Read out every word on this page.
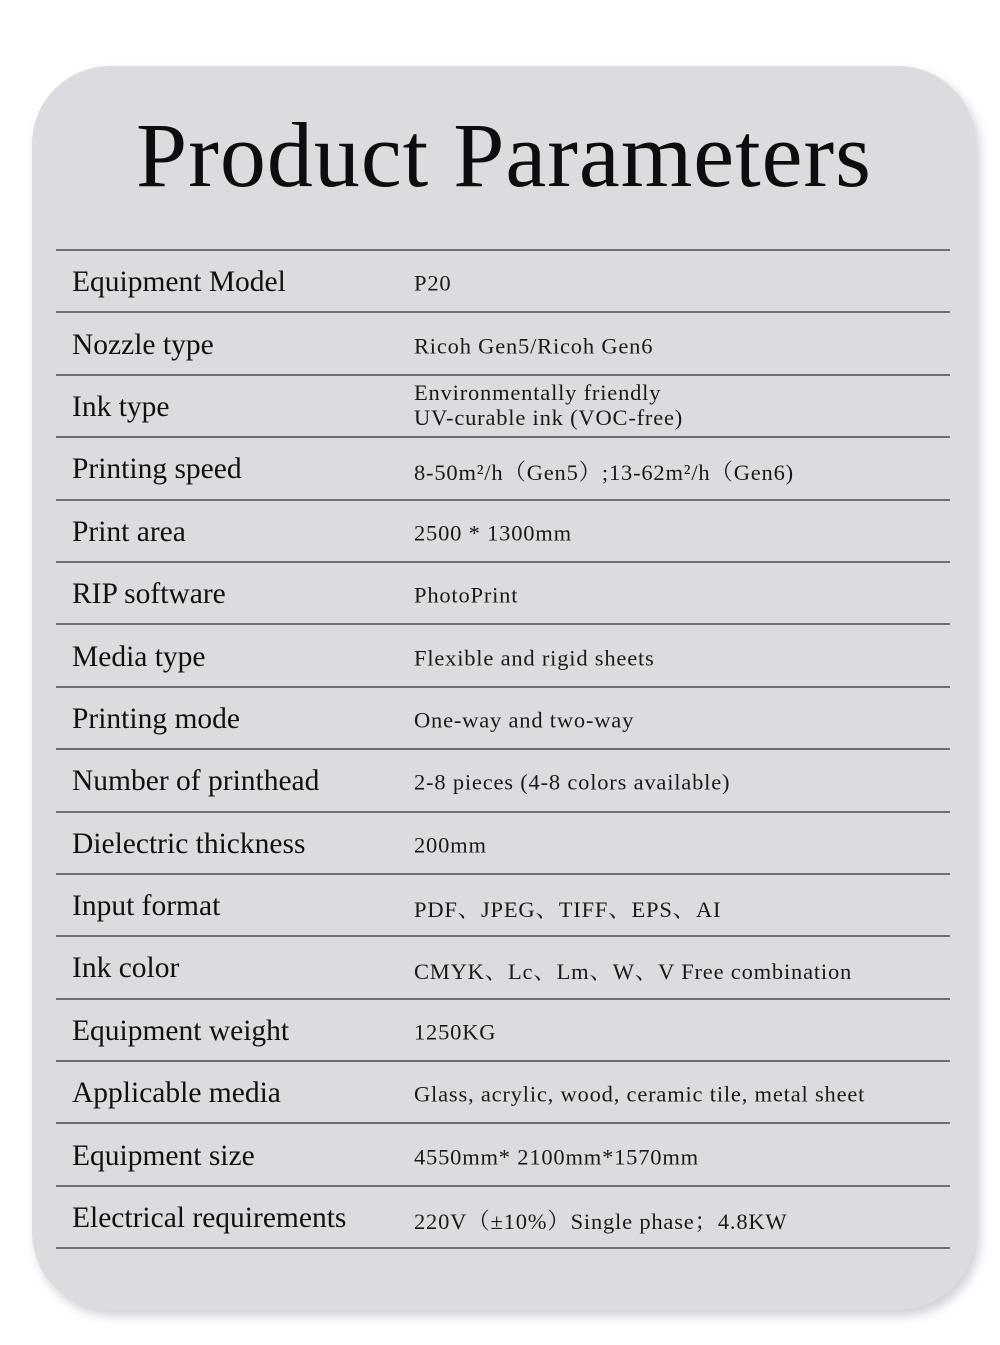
Product Parameters
Equipment Model	P20
Nozzle type	Ricoh Gen5/Ricoh Gen6
Ink type	Environmentally friendly
UV-curable ink (VOC-free)
Printing speed	8-50m²/h（Gen5）;13-62m²/h（Gen6)
Print area	2500 * 1300mm
RIP software	PhotoPrint
Media type	Flexible and rigid sheets
Printing mode	One-way and two-way
Number of printhead	2-8 pieces (4-8 colors available)
Dielectric thickness	200mm
Input format	PDF、JPEG、TIFF、EPS、AI
Ink color	CMYK、Lc、Lm、W、V Free combination
Equipment weight	1250KG
Applicable media	Glass, acrylic, wood, ceramic tile, metal sheet
Equipment size	4550mm* 2100mm*1570mm
Electrical requirements	220V（±10%）Single phase；4.8KW
